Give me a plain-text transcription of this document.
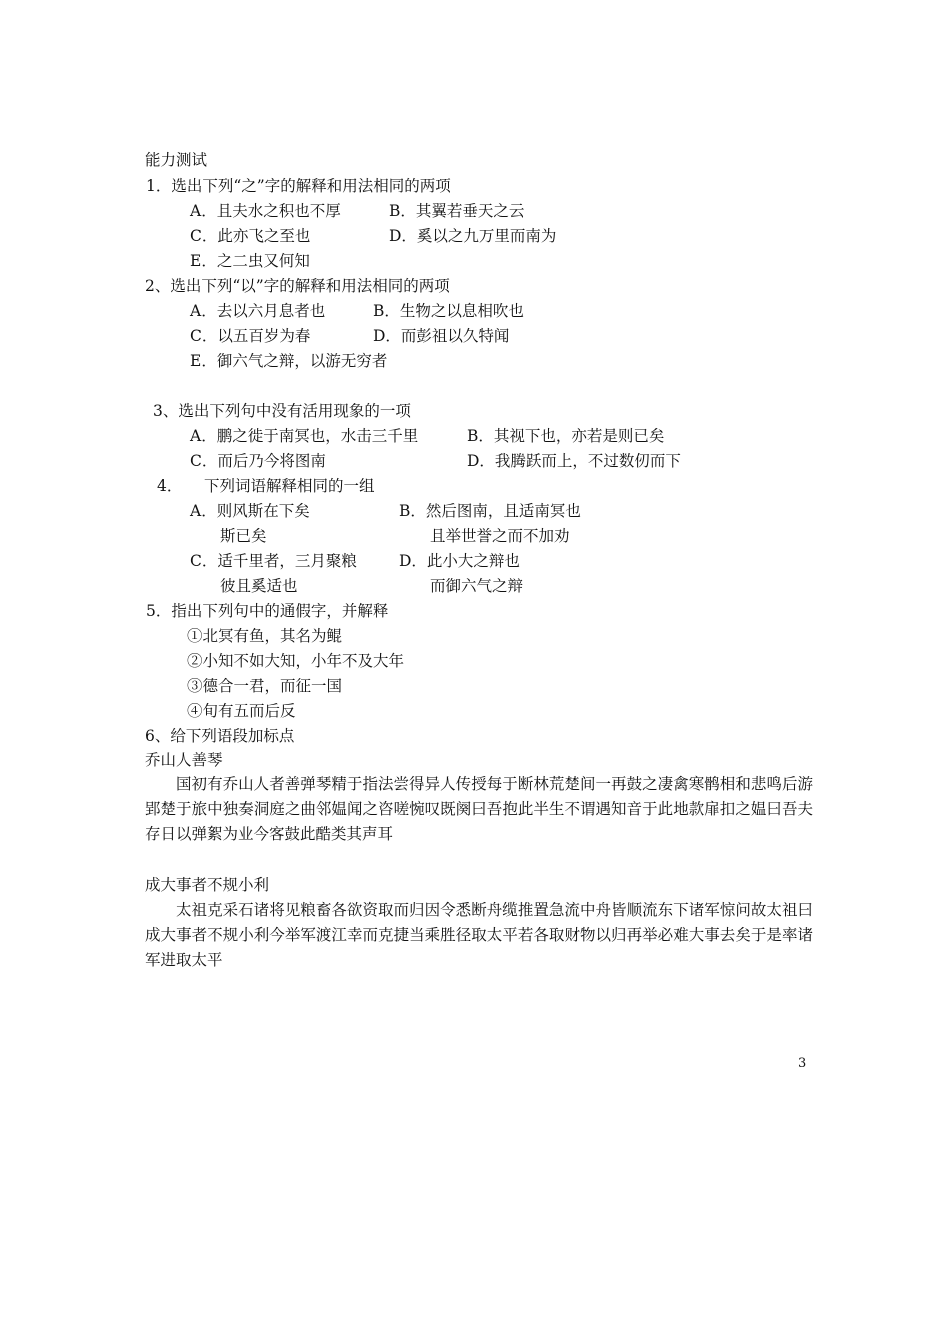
能力测试
1．选出下列“之”字的解释和用法相同的两项
A．且夫水之积也不厚	B．其翼若垂天之云
C．此亦飞之至也	D．奚以之九万里而南为
E．之二虫又何知
2、选出下列“以”字的解释和用法相同的两项
A．去以六月息者也	B．生物之以息相吹也
C．以五百岁为春	D．而彭祖以久特闻
E．御六气之辩，以游无穷者
3、选出下列句中没有活用现象的一项
A．鹏之徙于南冥也，水击三千里	B．其视下也，亦若是则已矣
C．而后乃今将图南	D．我腾跃而上，不过数仞而下
4． 下列词语解释相同的一组
A．则风斯在下矣	B．然后图南，且适南冥也
斯已矣	且举世誉之而不加劝
C．适千里者，三月聚粮	D．此小大之辩也
彼且奚适也	而御六气之辩
5．指出下列句中的通假字，并解释
①北冥有鱼，其名为鲲
②小知不如大知，小年不及大年
③德合一君，而征一国
④旬有五而后反
6、给下列语段加标点
乔山人善琴
国初有乔山人者善弹琴精于指法尝得异人传授每于断林荒楚间一再鼓之凄禽寒鹘相和悲鸣后游郢楚于旅中独奏洞庭之曲邻媪闻之咨嗟惋叹既阕曰吾抱此半生不谓遇知音于此地款扉扣之媪曰吾夫存日以弹絮为业今客鼓此酷类其声耳
成大事者不规小利
太祖克采石诸将见粮畜各欲资取而归因令悉断舟缆推置急流中舟皆顺流东下诸军惊问故太祖曰成大事者不规小利今举军渡江幸而克捷当乘胜径取太平若各取财物以归再举必难大事去矣于是率诸军进取太平
3
